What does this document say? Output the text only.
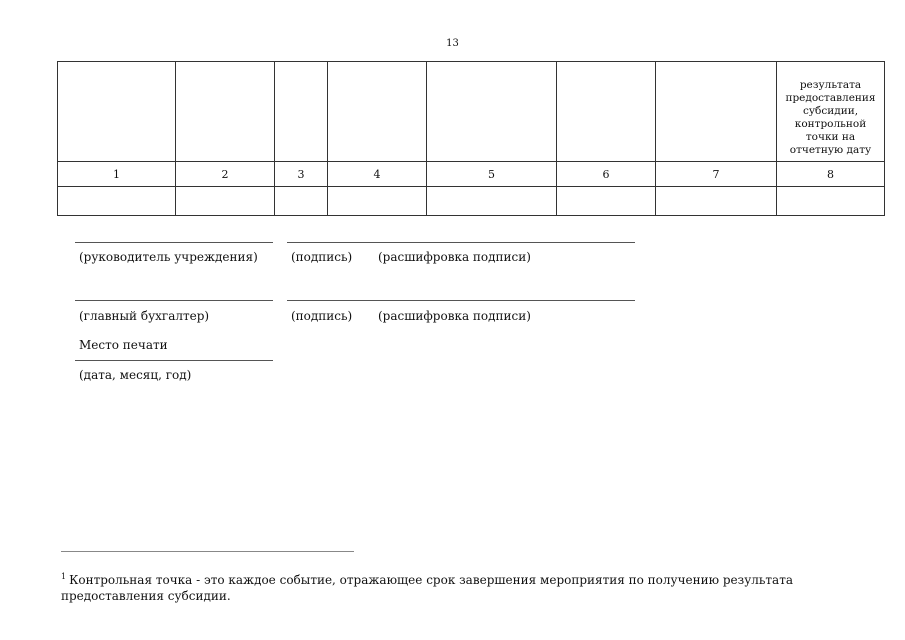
13

							результата предоставления субсидии, контрольной точки на отчетную дату

1	2	3	4	5	6	7	8

(руководитель учреждения)	(подпись) (расшифровка подписи)
(главный бухгалтер)	(подпись) (расшифровка подписи)
Место печати
(дата, месяц, год)
$^1$ Контрольная точка - это каждое событие, отражающее срок завершения мероприятия по получению результата предоставления субсидии.
